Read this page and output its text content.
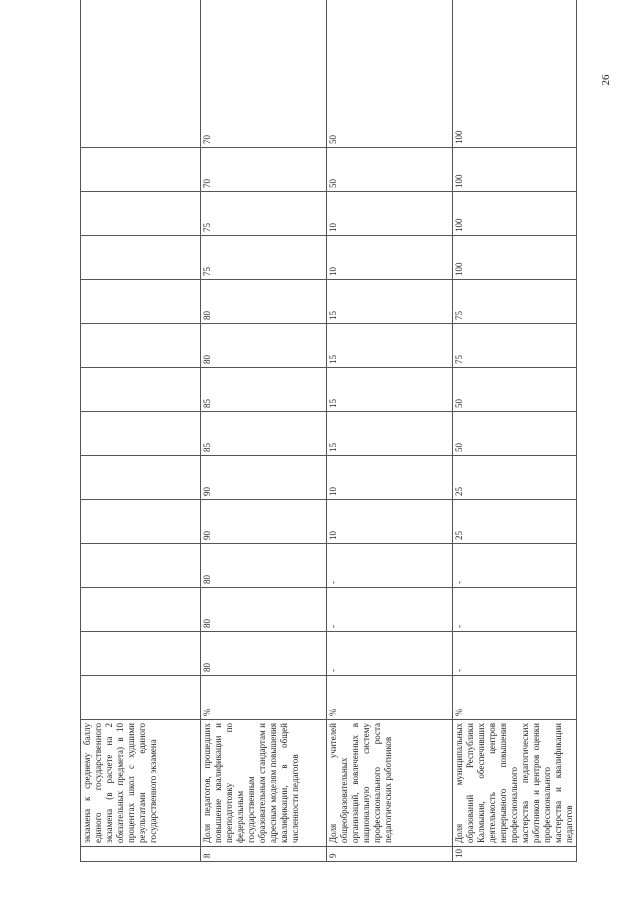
26
	экзамена к среднему баллу единого государственного экзамена (в расчете на 2 обязательных предмета) в 10 процентах школ с худшими результатами единого государственного экзамена															
8	Доля педагогов, прошедших повышение квалификации и переподготовку по федеральным государственным образовательным стандартам и адресным моделям повышения квалификации, в общей численности педагогов	%	80	80	80	90	90	85	85	80	80	75	75	70	70	
9	Доля учителей общеобразовательных организаций, вовлеченных в национальную систему профессионального роста педагогических работников	%	-	-	-	10	10	15	15	15	15	10	10	50	50	
10	Доля муниципальных образований Республики Калмыкия, обеспечивших деятельность центров непрерывного повышения профессионального мастерства педагогических работников и центров оценки профессионального мастерства и квалификации педагогов	%	-	-	-	25	25	50	50	75	75	100	100	100	100	
